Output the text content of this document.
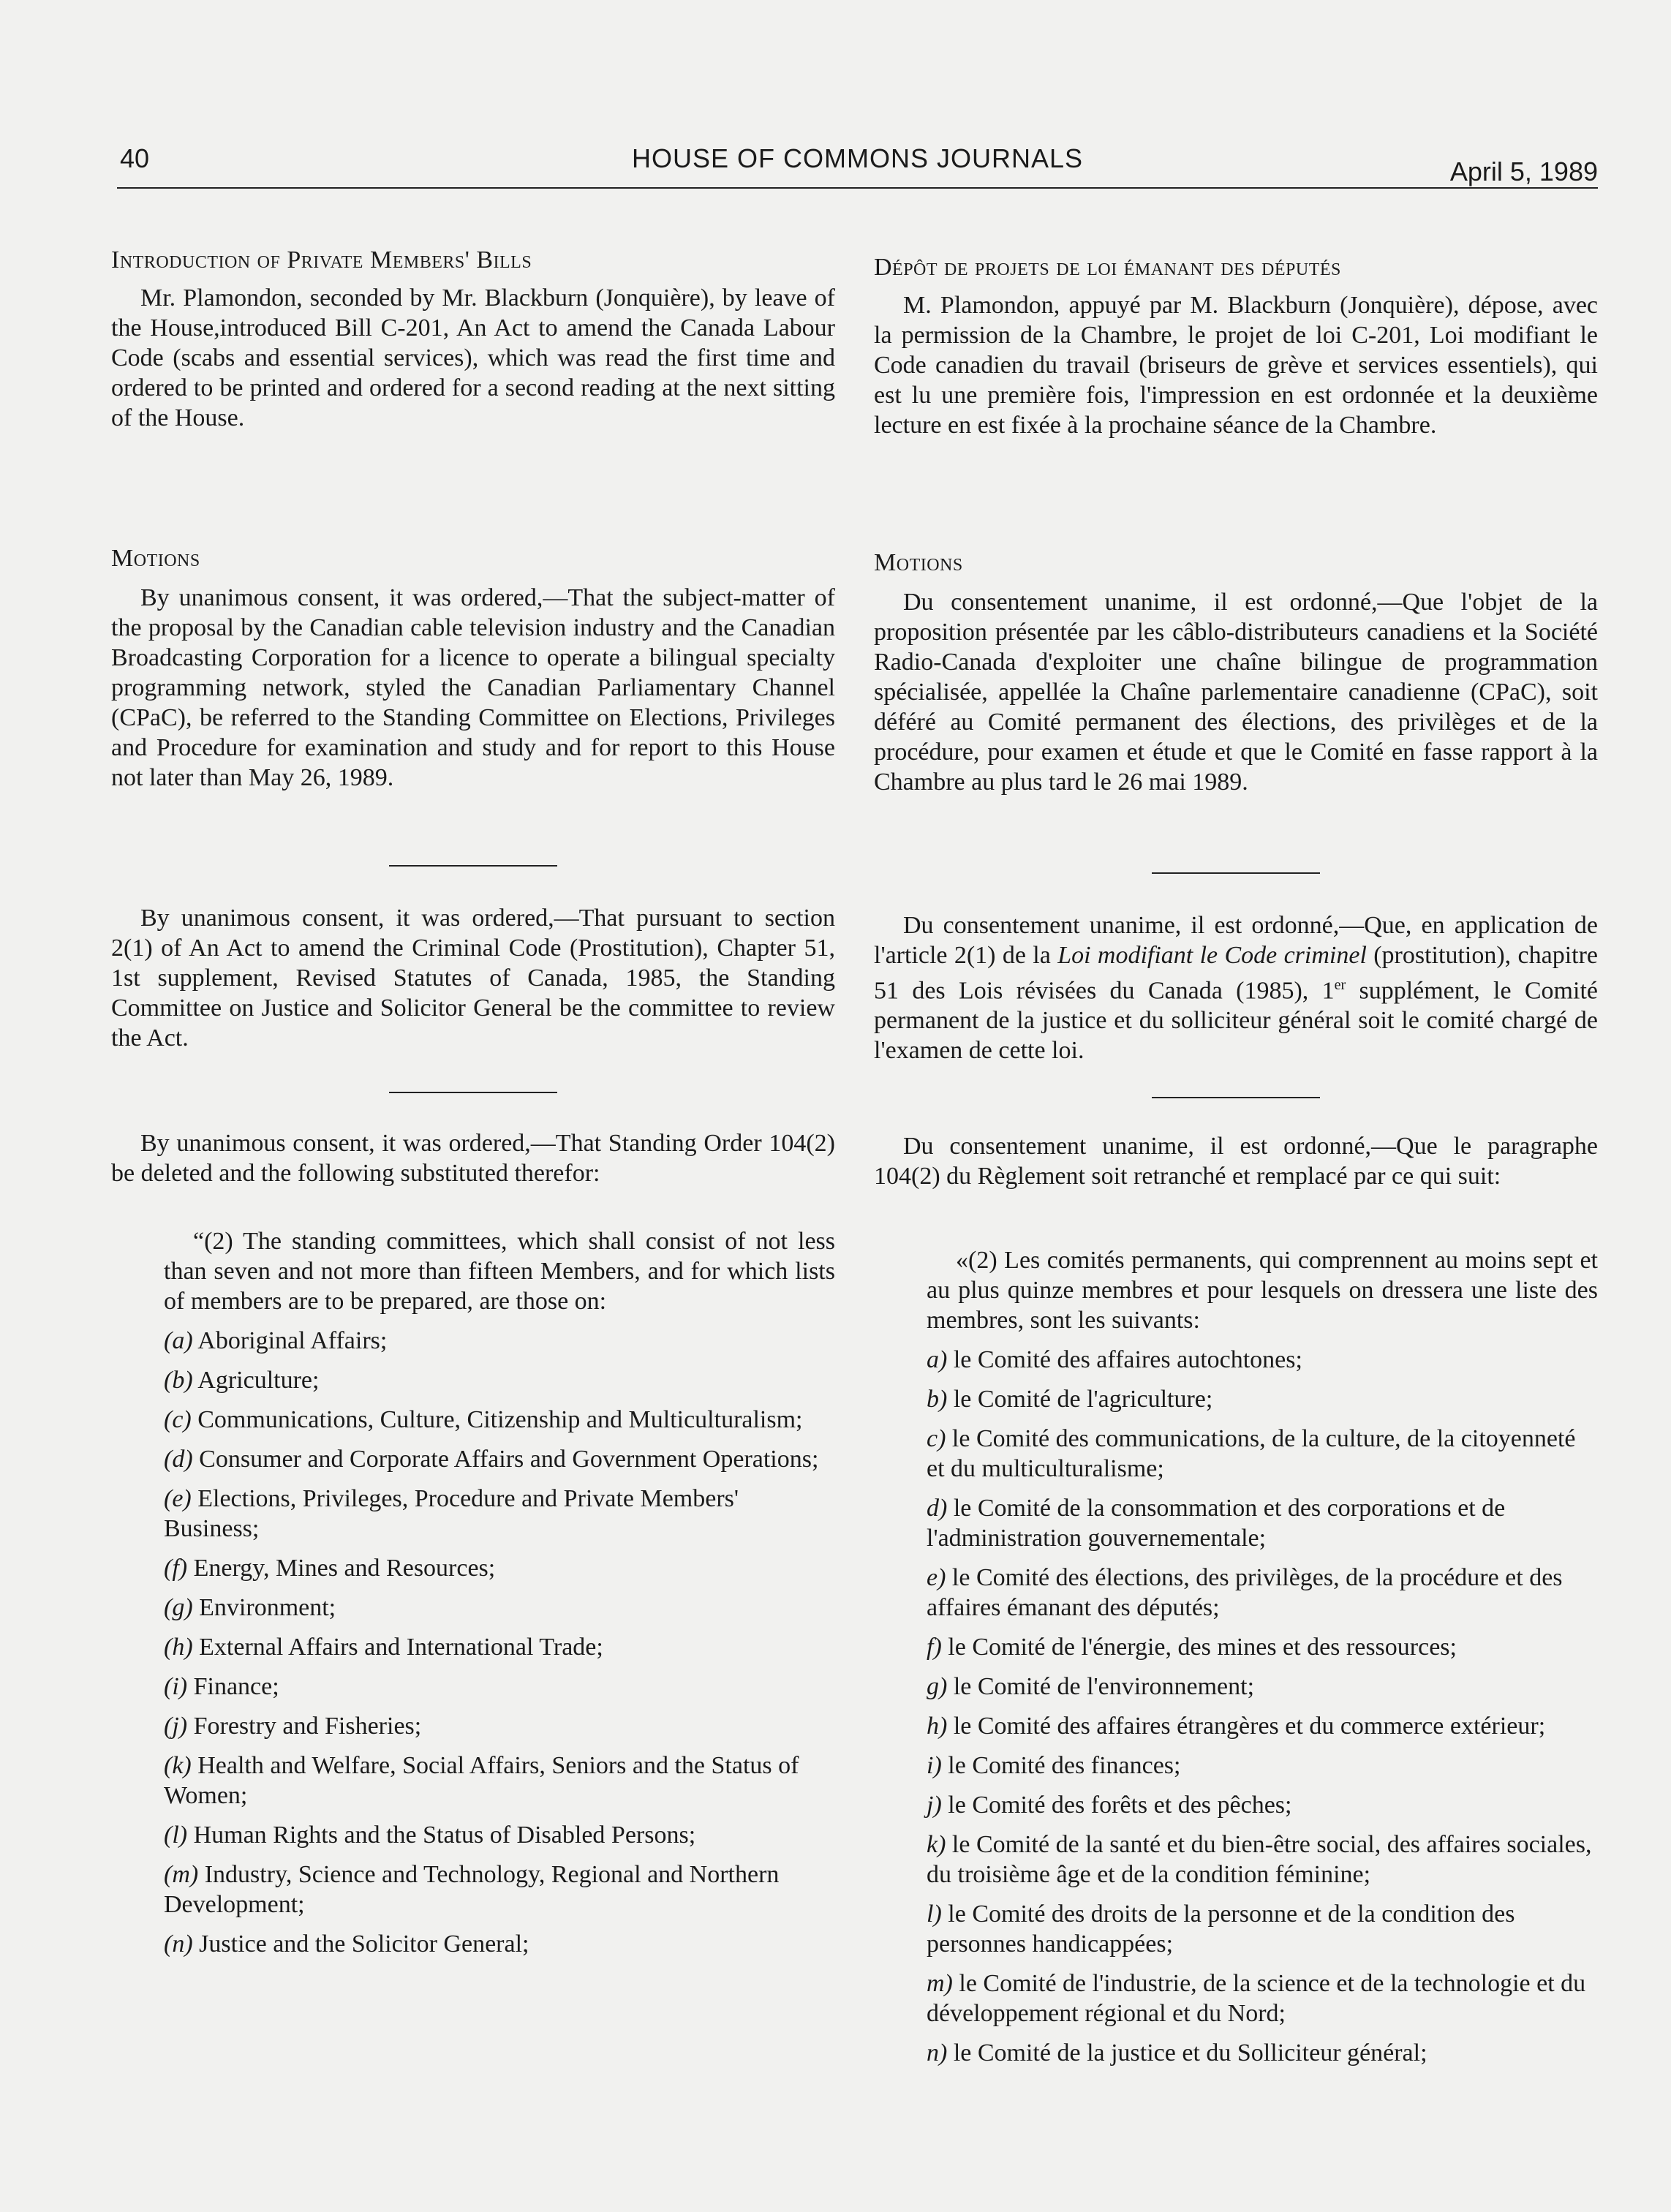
40	HOUSE OF COMMONS JOURNALS	April 5, 1989

Introduction of Private Members' Bills

Mr. Plamondon, seconded by Mr. Blackburn (Jonquière), by leave of the House,introduced Bill C-201, An Act to amend the Canada Labour Code (scabs and essential services), which was read the first time and ordered to be printed and ordered for a second reading at the next sitting of the House.

Motions

By unanimous consent, it was ordered,—That the subject-matter of the proposal by the Canadian cable television industry and the Canadian Broadcasting Corporation for a licence to operate a bilingual specialty programming network, styled the Canadian Parliamentary Channel (CPaC), be referred to the Standing Committee on Elections, Privileges and Procedure for examination and study and for report to this House not later than May 26, 1989.

By unanimous consent, it was ordered,—That pursuant to section 2(1) of An Act to amend the Criminal Code (Prostitution), Chapter 51, 1st supplement, Revised Statutes of Canada, 1985, the Standing Committee on Justice and Solicitor General be the committee to review the Act.

By unanimous consent, it was ordered,—That Standing Order 104(2) be deleted and the following substituted therefor:

“(2) The standing committees, which shall consist of not less than seven and not more than fifteen Members, and for which lists of members are to be prepared, are those on:

(a) Aboriginal Affairs;

(b) Agriculture;

(c) Communications, Culture, Citizenship and Multiculturalism;

(d) Consumer and Corporate Affairs and Government Operations;

(e) Elections, Privileges, Procedure and Private Members' Business;

(f) Energy, Mines and Resources;

(g) Environment;

(h) External Affairs and International Trade;

(i) Finance;

(j) Forestry and Fisheries;

(k) Health and Welfare, Social Affairs, Seniors and the Status of Women;

(l) Human Rights and the Status of Disabled Persons;

(m) Industry, Science and Technology, Regional and Northern Development;

(n) Justice and the Solicitor General;

Dépôt de projets de loi émanant des députés

M. Plamondon, appuyé par M. Blackburn (Jonquière), dépose, avec la permission de la Chambre, le projet de loi C-201, Loi modifiant le Code canadien du travail (briseurs de grève et services essentiels), qui est lu une première fois, l'impression en est ordonnée et la deuxième lecture en est fixée à la prochaine séance de la Chambre.

Motions

Du consentement unanime, il est ordonné,—Que l'objet de la proposition présentée par les câblo-distributeurs canadiens et la Société Radio-Canada d'exploiter une chaîne bilingue de programmation spécialisée, appellée la Chaîne parlementaire canadienne (CPaC), soit déféré au Comité permanent des élections, des privilèges et de la procédure, pour examen et étude et que le Comité en fasse rapport à la Chambre au plus tard le 26 mai 1989.

Du consentement unanime, il est ordonné,—Que, en application de l'article 2(1) de la Loi modifiant le Code criminel (prostitution), chapitre 51 des Lois révisées du Canada (1985), 1er supplément, le Comité permanent de la justice et du solliciteur général soit le comité chargé de l'examen de cette loi.

Du consentement unanime, il est ordonné,—Que le paragraphe 104(2) du Règlement soit retranché et remplacé par ce qui suit:

«(2) Les comités permanents, qui comprennent au moins sept et au plus quinze membres et pour lesquels on dressera une liste des membres, sont les suivants:

a) le Comité des affaires autochtones;

b) le Comité de l'agriculture;

c) le Comité des communications, de la culture, de la citoyenneté et du multiculturalisme;

d) le Comité de la consommation et des corporations et de l'administration gouvernementale;

e) le Comité des élections, des privilèges, de la procédure et des affaires émanant des députés;

f) le Comité de l'énergie, des mines et des ressources;

g) le Comité de l'environnement;

h) le Comité des affaires étrangères et du commerce extérieur;

i) le Comité des finances;

j) le Comité des forêts et des pêches;

k) le Comité de la santé et du bien-être social, des affaires sociales, du troisième âge et de la condition féminine;

l) le Comité des droits de la personne et de la condition des personnes handicappées;

m) le Comité de l'industrie, de la science et de la technologie et du développement régional et du Nord;

n) le Comité de la justice et du Solliciteur général;
